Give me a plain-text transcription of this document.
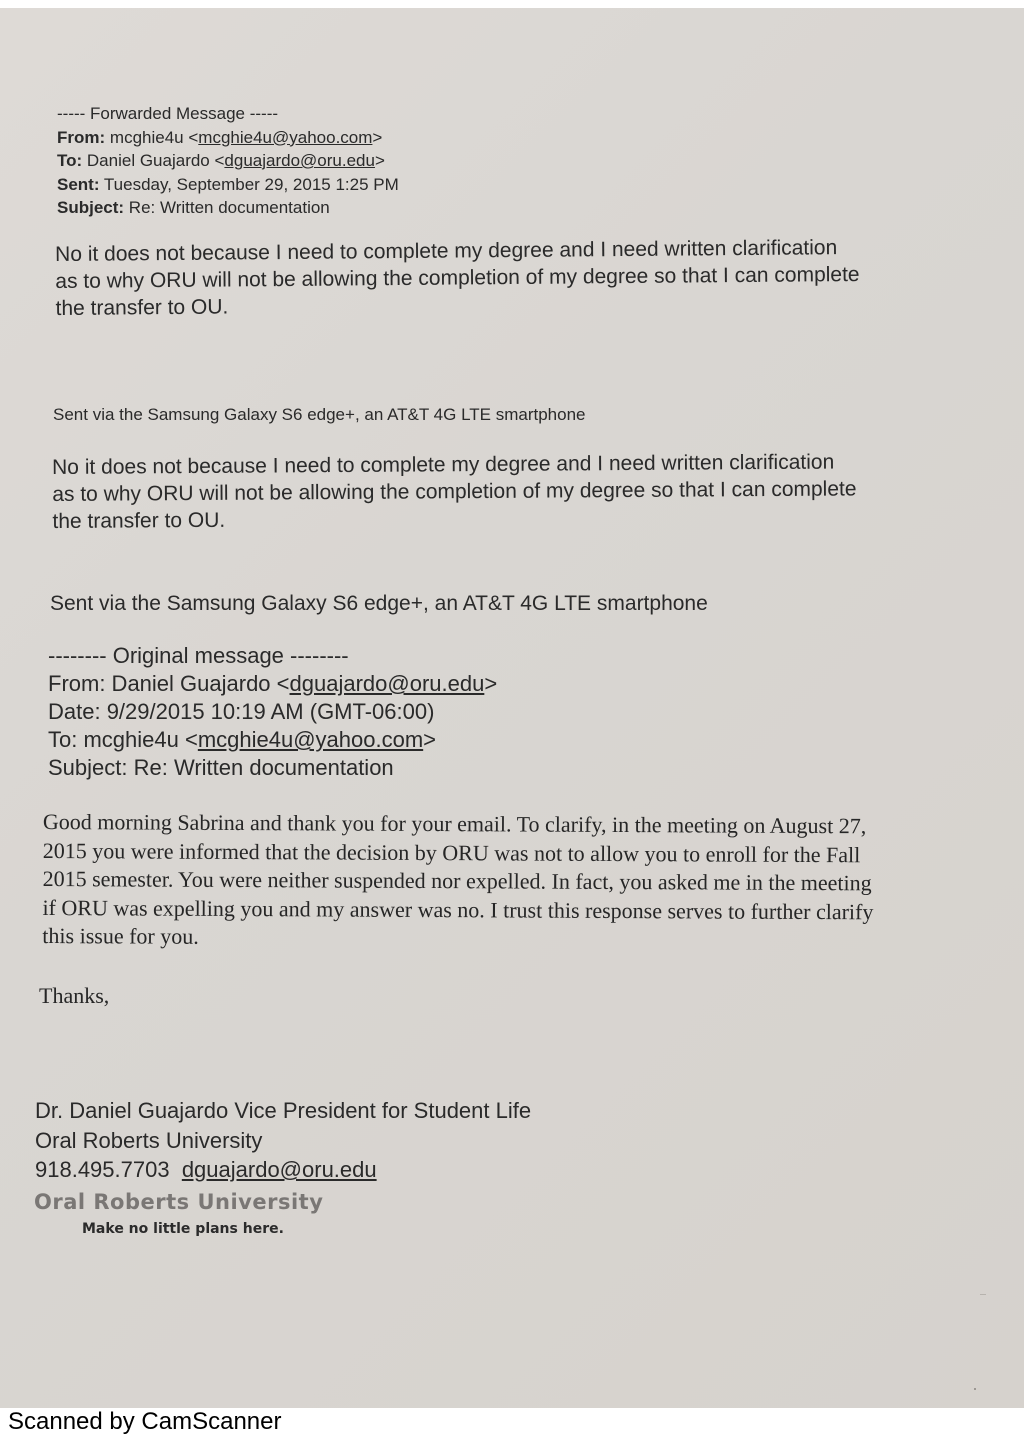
----- Forwarded Message -----
From: mcghie4u <mcghie4u@yahoo.com>
To: Daniel Guajardo <dguajardo@oru.edu>
Sent: Tuesday, September 29, 2015 1:25 PM
Subject: Re: Written documentation
No it does not because I need to complete my degree and I need written clarification
as to why ORU will not be allowing the completion of my degree so that I can complete
the transfer to OU.
Sent via the Samsung Galaxy S6 edge+, an AT&T 4G LTE smartphone
No it does not because I need to complete my degree and I need written clarification
as to why ORU will not be allowing the completion of my degree so that I can complete
the transfer to OU.
Sent via the Samsung Galaxy S6 edge+, an AT&T 4G LTE smartphone
-------- Original message --------
From: Daniel Guajardo <dguajardo@oru.edu>
Date: 9/29/2015 10:19 AM (GMT-06:00)
To: mcghie4u <mcghie4u@yahoo.com>
Subject: Re: Written documentation
Good morning Sabrina and thank you for your email. To clarify, in the meeting on August 27,
2015 you were informed that the decision by ORU was not to allow you to enroll for the Fall
2015 semester. You were neither suspended nor expelled. In fact, you asked me in the meeting
if ORU was expelling you and my answer was no. I trust this response serves to further clarify
this issue for you.
Thanks,
Dr. Daniel Guajardo Vice President for Student Life
Oral Roberts University
918.495.7703 dguajardo@oru.edu
Oral Roberts University
Make no little plans here.
Scanned by CamScanner
